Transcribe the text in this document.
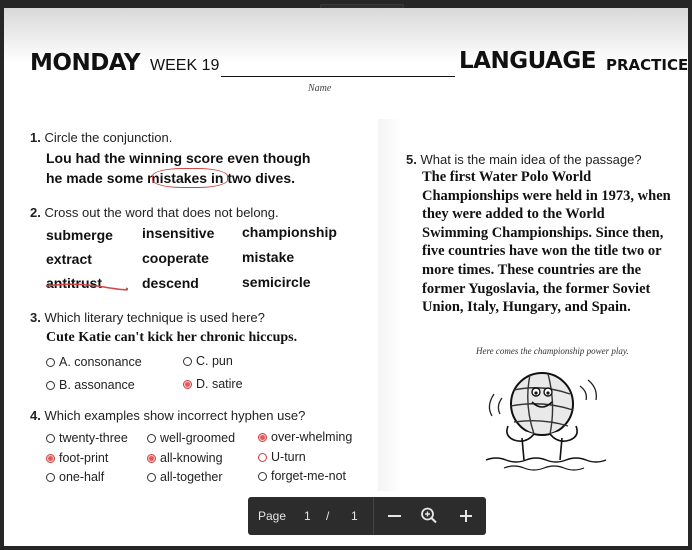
MONDAY WEEK 19
Name
LANGUAGE PRACTICE
1. Circle the conjunction.
Lou had the winning score even though
he made some mistakes in two dives.
2. Cross out the word that does not belong.
submerge insensitive championship
extract	cooperate mistake
antitrust	descend	semicircle
3. Which literary technique is used here?
Cute Katie can't kick her chronic hiccups.
A. consonance	C. pun
B. assonance	D. satire
4. Which examples show incorrect hyphen use?
twenty-three	well-groomed	over-whelming
foot-print	all-knowing	U-turn
one-half	all-together	forget-me-not
5. What is the main idea of the passage?
The first Water Polo World Championships were held in 1973, when they were added to the World Swimming Championships. Since then, five countries have won the title two or more times. These countries are the former Yugoslavia, the former Soviet Union, Italy, Hungary, and Spain.
Here comes the championship power play.
Page 1 / 1
